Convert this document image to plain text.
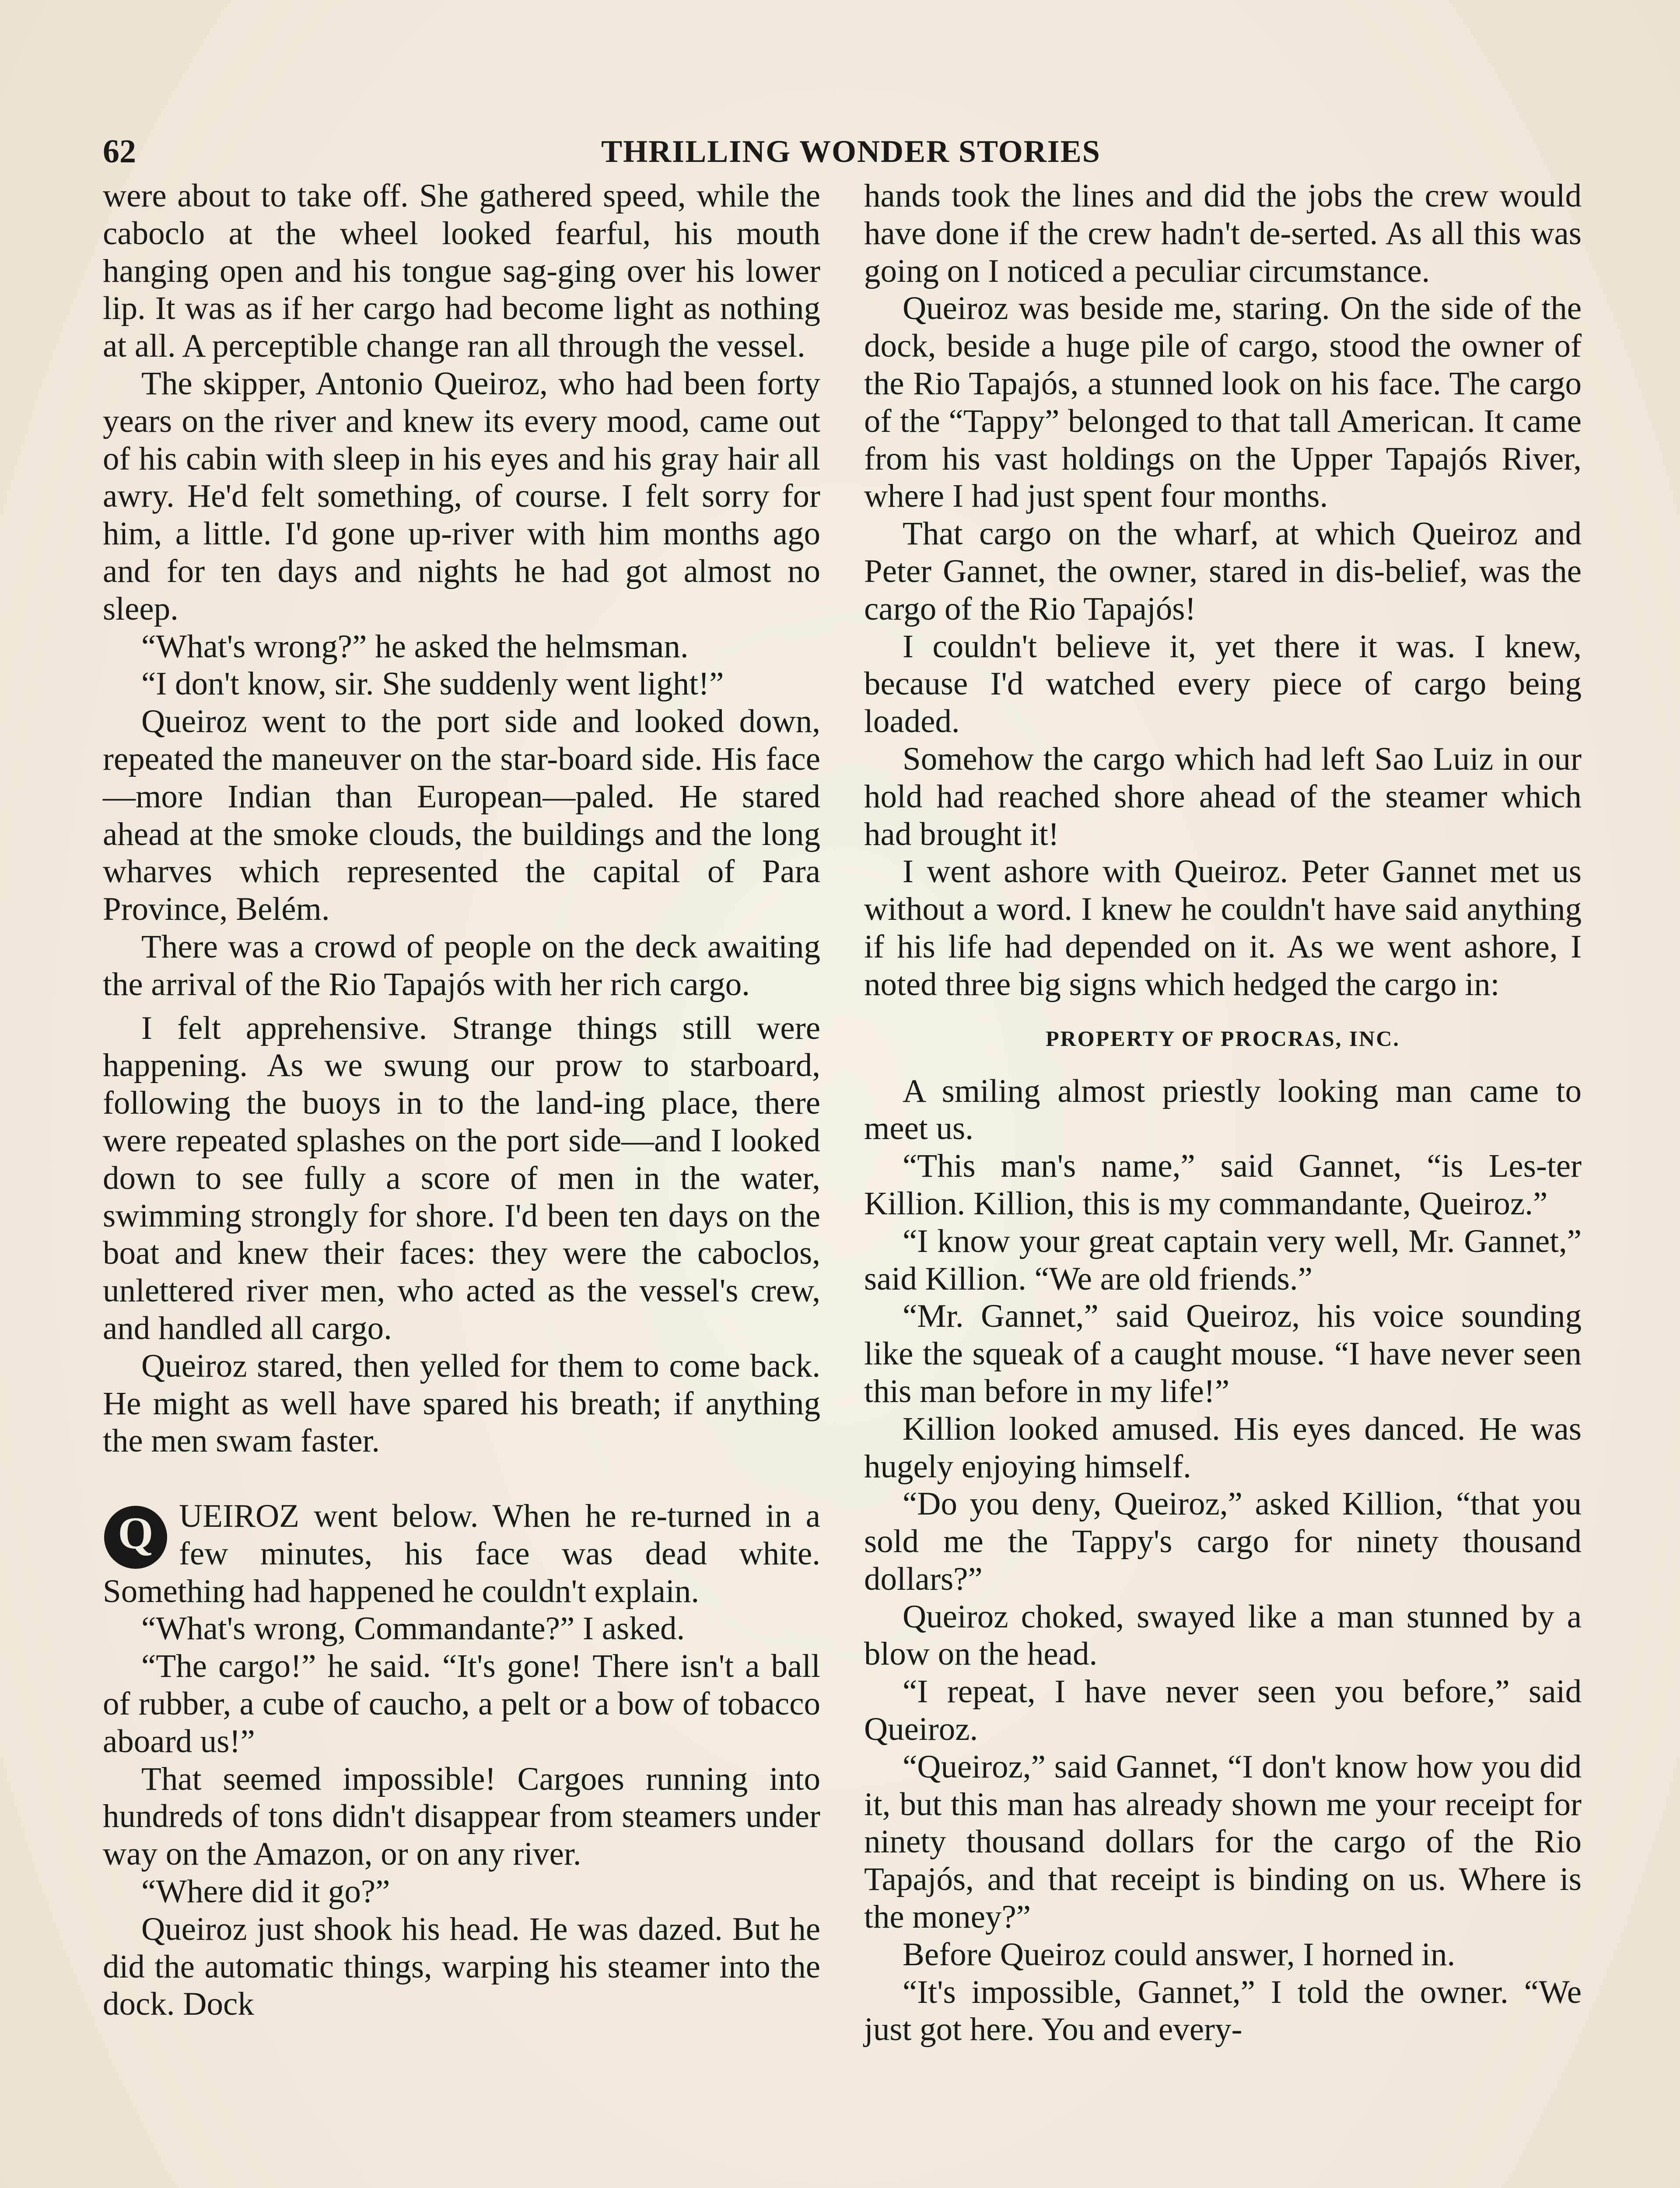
62	THRILLING WONDER STORIES

were about to take off. She gathered speed, while the caboclo at the wheel looked fearful, his mouth hanging open and his tongue sag-ging over his lower lip. It was as if her cargo had become light as nothing at all. A perceptible change ran all through the vessel.

The skipper, Antonio Queiroz, who had been forty years on the river and knew its every mood, came out of his cabin with sleep in his eyes and his gray hair all awry. He'd felt something, of course. I felt sorry for him, a little. I'd gone up-river with him months ago and for ten days and nights he had got almost no sleep.

“What's wrong?” he asked the helmsman.

“I don't know, sir. She suddenly went light!”

Queiroz went to the port side and looked down, repeated the maneuver on the star-board side. His face—more Indian than European—paled. He stared ahead at the smoke clouds, the buildings and the long wharves which represented the capital of Para Province, Belém.

There was a crowd of people on the deck awaiting the arrival of the Rio Tapajós with her rich cargo.

I felt apprehensive. Strange things still were happening. As we swung our prow to starboard, following the buoys in to the land-ing place, there were repeated splashes on the port side—and I looked down to see fully a score of men in the water, swimming strongly for shore. I'd been ten days on the boat and knew their faces: they were the caboclos, unlettered river men, who acted as the vessel's crew, and handled all cargo.

Queiroz stared, then yelled for them to come back. He might as well have spared his breath; if anything the men swam faster.

Q UEIROZ went below. When he re-turned in a few minutes, his face was dead white. Something had happened he couldn't explain.

“What's wrong, Commandante?” I asked.

“The cargo!” he said. “It's gone! There isn't a ball of rubber, a cube of caucho, a pelt or a bow of tobacco aboard us!”

That seemed impossible! Cargoes running into hundreds of tons didn't disappear from steamers under way on the Amazon, or on any river.

“Where did it go?”

Queiroz just shook his head. He was dazed. But he did the automatic things, warping his steamer into the dock. Dock

hands took the lines and did the jobs the crew would have done if the crew hadn't de-serted. As all this was going on I noticed a peculiar circumstance.

Queiroz was beside me, staring. On the side of the dock, beside a huge pile of cargo, stood the owner of the Rio Tapajós, a stunned look on his face. The cargo of the “Tappy” belonged to that tall American. It came from his vast holdings on the Upper Tapajós River, where I had just spent four months.

That cargo on the wharf, at which Queiroz and Peter Gannet, the owner, stared in dis-belief, was the cargo of the Rio Tapajós!

I couldn't believe it, yet there it was. I knew, because I'd watched every piece of cargo being loaded.

Somehow the cargo which had left Sao Luiz in our hold had reached shore ahead of the steamer which had brought it!

I went ashore with Queiroz. Peter Gannet met us without a word. I knew he couldn't have said anything if his life had depended on it. As we went ashore, I noted three big signs which hedged the cargo in:

PROPERTY OF PROCRAS, INC.

A smiling almost priestly looking man came to meet us.

“This man's name,” said Gannet, “is Les-ter Killion. Killion, this is my commandante, Queiroz.”

“I know your great captain very well, Mr. Gannet,” said Killion. “We are old friends.”

“Mr. Gannet,” said Queiroz, his voice sounding like the squeak of a caught mouse. “I have never seen this man before in my life!”

Killion looked amused. His eyes danced. He was hugely enjoying himself.

“Do you deny, Queiroz,” asked Killion, “that you sold me the Tappy's cargo for ninety thousand dollars?”

Queiroz choked, swayed like a man stunned by a blow on the head.

“I repeat, I have never seen you before,” said Queiroz.

“Queiroz,” said Gannet, “I don't know how you did it, but this man has already shown me your receipt for ninety thousand dollars for the cargo of the Rio Tapajós, and that receipt is binding on us. Where is the money?”

Before Queiroz could answer, I horned in.

“It's impossible, Gannet,” I told the owner. “We just got here. You and every-
